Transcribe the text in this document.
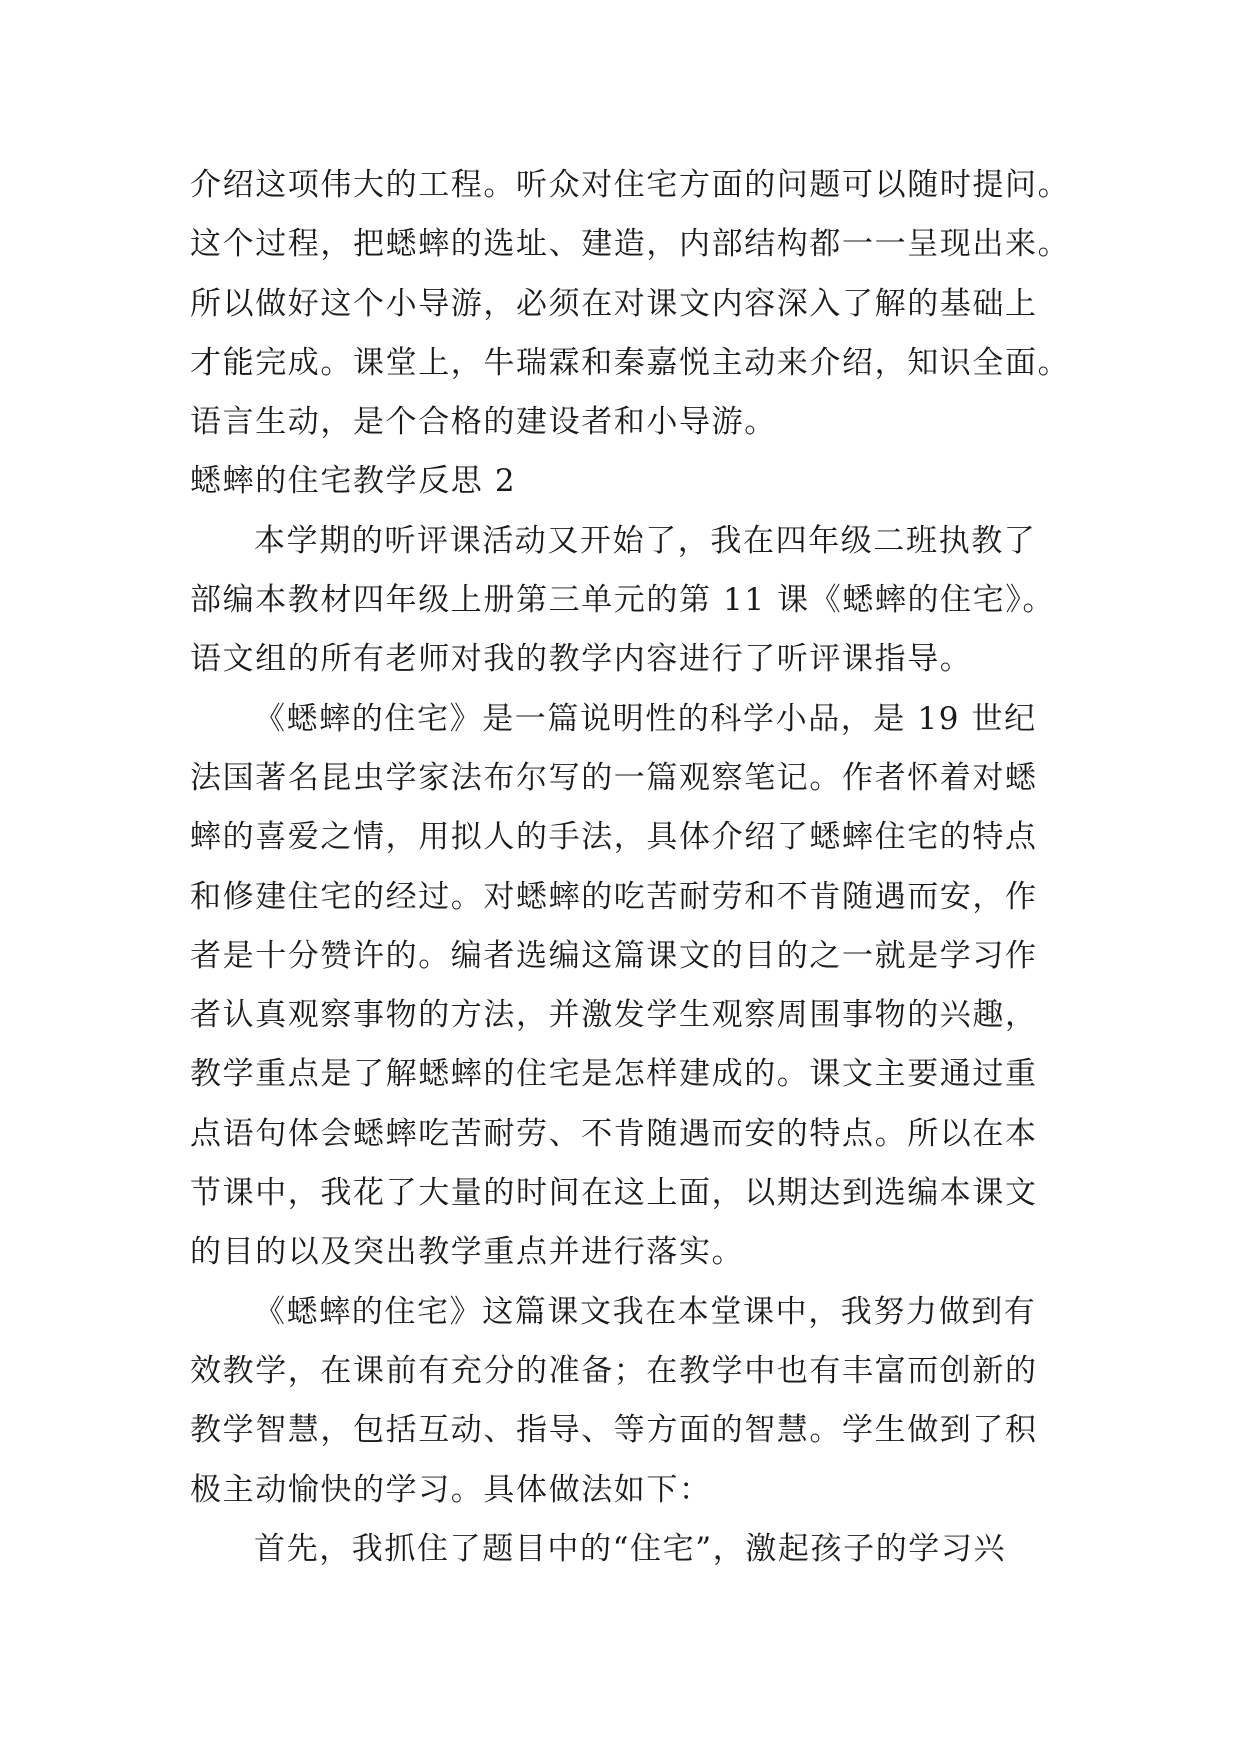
介绍这项伟大的工程。听众对住宅方面的问题可以随时提问。
这个过程，把蟋蟀的选址、建造，内部结构都一一呈现出来。
所以做好这个小导游，必须在对课文内容深入了解的基础上
才能完成。课堂上，牛瑞霖和秦嘉悦主动来介绍，知识全面。
语言生动，是个合格的建设者和小导游。
蟋蟀的住宅教学反思 2
本学期的听评课活动又开始了，我在四年级二班执教了
部编本教材四年级上册第三单元的第 11 课《蟋蟀的住宅》。
语文组的所有老师对我的教学内容进行了听评课指导。
《蟋蟀的住宅》是一篇说明性的科学小品，是 19 世纪
法国著名昆虫学家法布尔写的一篇观察笔记。作者怀着对蟋
蟀的喜爱之情，用拟人的手法，具体介绍了蟋蟀住宅的特点
和修建住宅的经过。对蟋蟀的吃苦耐劳和不肯随遇而安，作
者是十分赞许的。编者选编这篇课文的目的之一就是学习作
者认真观察事物的方法，并激发学生观察周围事物的兴趣，
教学重点是了解蟋蟀的住宅是怎样建成的。课文主要通过重
点语句体会蟋蟀吃苦耐劳、不肯随遇而安的特点。所以在本
节课中，我花了大量的时间在这上面，以期达到选编本课文
的目的以及突出教学重点并进行落实。
《蟋蟀的住宅》这篇课文我在本堂课中，我努力做到有
效教学，在课前有充分的准备；在教学中也有丰富而创新的
教学智慧，包括互动、指导、等方面的智慧。学生做到了积
极主动愉快的学习。具体做法如下：
首先，我抓住了题目中的“住宅”，激起孩子的学习兴
